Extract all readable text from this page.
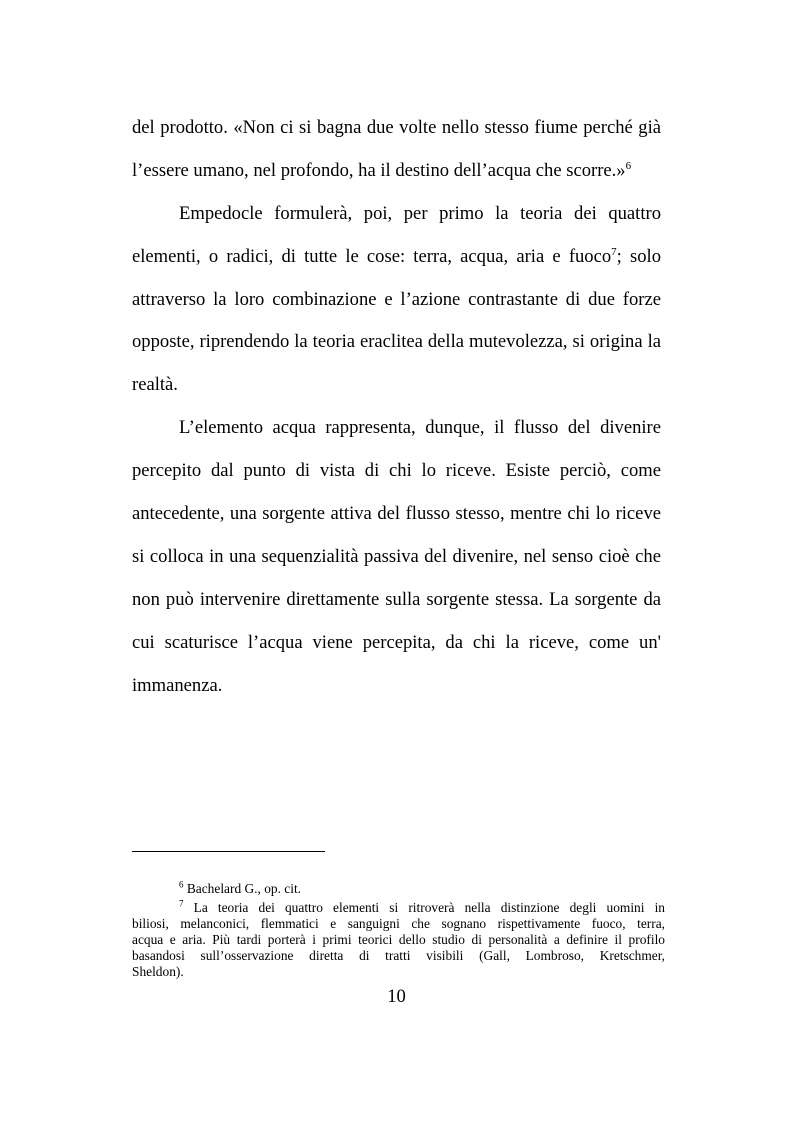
del prodotto. «Non ci si bagna due volte nello stesso fiume perché già
l’essere umano, nel profondo, ha il destino dell’acqua che scorre.»$^6$
Empedocle formulerà, poi, per primo la teoria dei quattro
elementi, o radici, di tutte le cose: terra, acqua, aria e fuoco$^7$; solo
attraverso la loro combinazione e l’azione contrastante di due forze
opposte, riprendendo la teoria eraclitea della mutevolezza, si origina la
realtà.
L’elemento acqua rappresenta, dunque, il flusso del divenire
percepito dal punto di vista di chi lo riceve. Esiste perciò, come
antecedente, una sorgente attiva del flusso stesso, mentre chi lo riceve
si colloca in una sequenzialità passiva del divenire, nel senso cioè che
non può intervenire direttamente sulla sorgente stessa. La sorgente da
cui scaturisce l’acqua viene percepita, da chi la riceve, come un'
immanenza.
$^6$ Bachelard G., op. cit.
$^7$ La teoria dei quattro elementi si ritroverà nella distinzione degli uomini in
biliosi, melanconici, flemmatici e sanguigni che sognano rispettivamente fuoco, terra,
acqua e aria. Più tardi porterà i primi teorici dello studio di personalità a definire il profilo
basandosi sull’osservazione diretta di tratti visibili (Gall, Lombroso, Kretschmer,
Sheldon).
10
